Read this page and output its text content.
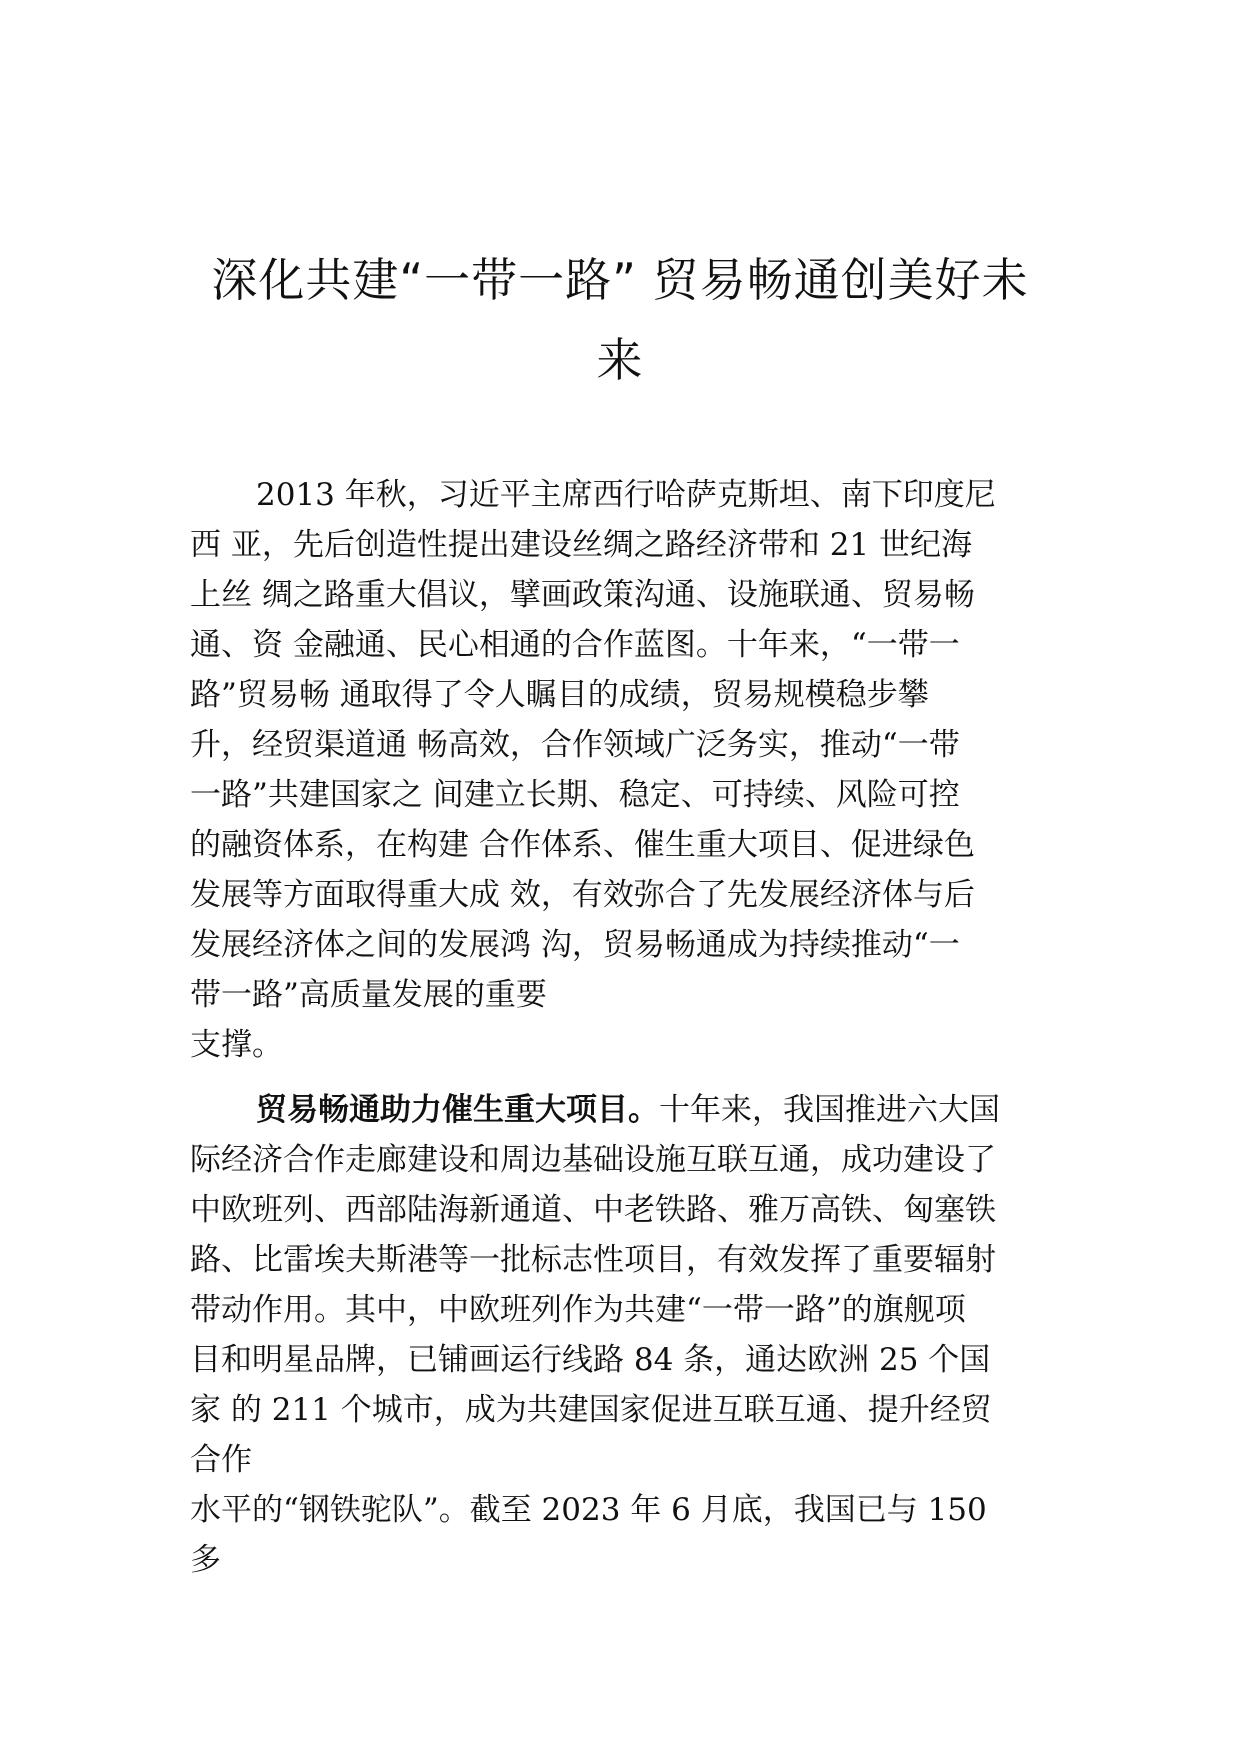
深化共建“一带一路” 贸易畅通创美好未
来
2013 年秋，习近平主席西行哈萨克斯坦、南下印度尼
西 亚，先后创造性提出建设丝绸之路经济带和 21 世纪海
上丝 绸之路重大倡议，擘画政策沟通、设施联通、贸易畅
通、资 金融通、民心相通的合作蓝图。十年来，“一带一
路”贸易畅 通取得了令人瞩目的成绩，贸易规模稳步攀
升，经贸渠道通 畅高效，合作领域广泛务实，推动“一带
一路”共建国家之 间建立长期、稳定、可持续、风险可控
的融资体系，在构建 合作体系、催生重大项目、促进绿色
发展等方面取得重大成 效，有效弥合了先发展经济体与后
发展经济体之间的发展鸿 沟，贸易畅通成为持续推动“一
带一路”高质量发展的重要
支撑。
贸易畅通助力催生重大项目。十年来，我国推进六大国
际经济合作走廊建设和周边基础设施互联互通，成功建设了
中欧班列、西部陆海新通道、中老铁路、雅万高铁、匈塞铁
路、比雷埃夫斯港等一批标志性项目，有效发挥了重要辐射
带动作用。其中，中欧班列作为共建“一带一路”的旗舰项
目和明星品牌，已铺画运行线路 84 条，通达欧洲 25 个国
家 的 211 个城市，成为共建国家促进互联互通、提升经贸
合作
水平的“钢铁驼队”。截至 2023 年 6 月底，我国已与 150
多
